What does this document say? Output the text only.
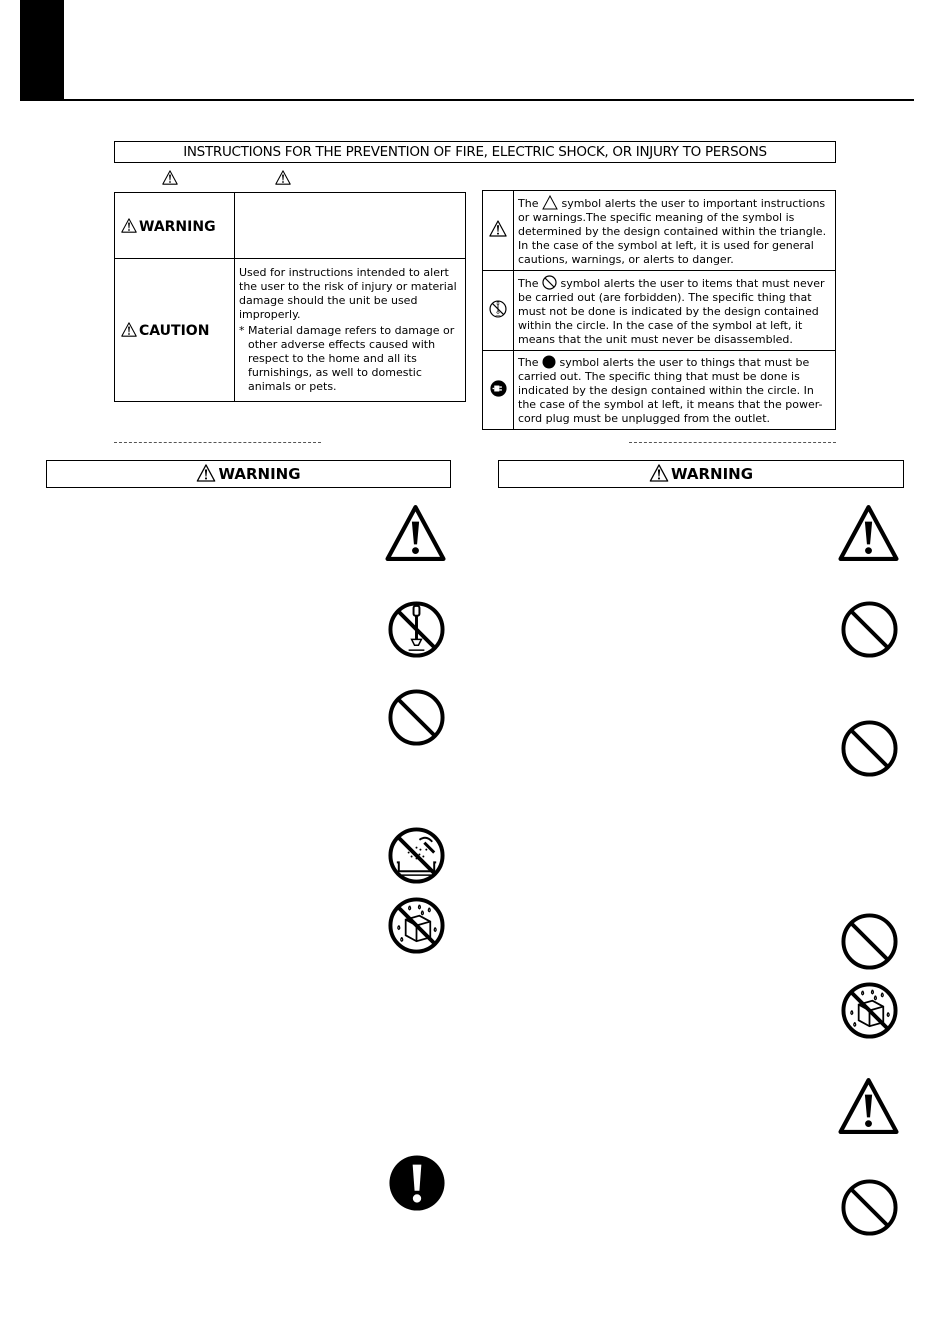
INSTRUCTIONS FOR THE PREVENTION OF FIRE, ELECTRIC SHOCK, OR INJURY TO PERSONS
WARNING	
CAUTION	Used for instructions intended to alert the user to the risk of injury or material damage should the unit be used improperly.
* Material damage refers to damage or other adverse effects caused with respect to the home and all its furnishings, as well to domestic animals or pets.
	The symbol alerts the user to important instructions or warnings.The specific meaning of the symbol is determined by the design contained within the triangle. In the case of the symbol at left, it is used for general cautions, warnings, or alerts to danger.
	The symbol alerts the user to items that must never be carried out (are forbidden). The specific thing that must not be done is indicated by the design contained within the circle. In the case of the symbol at left, it means that the unit must never be disassembled.
	The symbol alerts the user to things that must be carried out. The specific thing that must be done is indicated by the design contained within the circle. In the case of the symbol at left, it means that the power-cord plug must be unplugged from the outlet.
WARNING	WARNING
